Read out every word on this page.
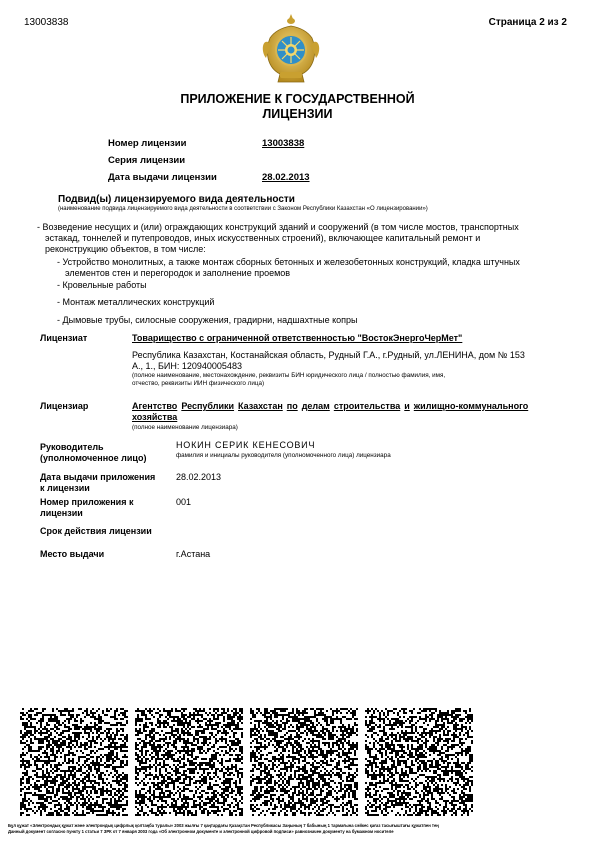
13003838	Страница 2 из 2
ПРИЛОЖЕНИЕ К ГОСУДАРСТВЕННОЙ
ЛИЦЕНЗИИ
Номер лицензии	13003838
Серия лицензии
Дата выдачи лицензии	28.02.2013
Подвид(ы) лицензируемого вида деятельности
(наименование подвида лицензируемого вида деятельности в соответствии с Законом Республики Казахстан «О лицензировании»)
- Возведение несущих и (или) ограждающих конструкций зданий и сооружений (в том числе мостов, транспортных
эстакад, тоннелей и путепроводов, иных искусственных строений), включающее капитальный ремонт и
реконструкцию объектов, в том числе:
- Устройство монолитных, а также монтаж сборных бетонных и железобетонных конструкций, кладка штучных
элементов стен и перегородок и заполнение проемов
- Кровельные работы
- Монтаж металлических конструкций
- Дымовые трубы, силосные сооружения, градирни, надшахтные копры
Лицензиат	Товарищество с ограниченной ответственностью "ВостокЭнергоЧерМет"
Республика Казахстан, Костанайская область, Рудный Г.А., г.Рудный, ул.ЛЕНИНА, дом № 153
А., 1., БИН: 120940005483
(полное наименование, местонахождение, реквизиты БИН юридического лица / полностью фамилия, имя,
отчество, реквизиты ИИН физического лица)
Лицензиар	Агентство Республики Казахстан по делам строительства и жилищно-коммунального
хозяйства
(полное наименование лицензиара)
Руководитель
(уполномоченное лицо)
НОКИН СЕРИК КЕНЕСОВИЧ
фамилия и инициалы руководителя (уполномоченного лица) лицензиара
Дата выдачи приложения
к лицензии
28.02.2013
Номер приложения к
лицензии
001
Срок действия лицензии
Место выдачи	г.Астана
Бұл құжат «Электрондық құжат және электрондық цифрлық қолтаңба туралы» 2003 жылғы 7 қаңтардағы Қазақстан Республикасы Заңының 7 бабының 1 тармағына сәйкес қағаз тасығыштағы құжатпен тең
Данный документ согласно пункту 1 статьи 7 ЗРК от 7 января 2003 года «Об электронном документе и электронной цифровой подписи» равнозначен документу на бумажном носителе
